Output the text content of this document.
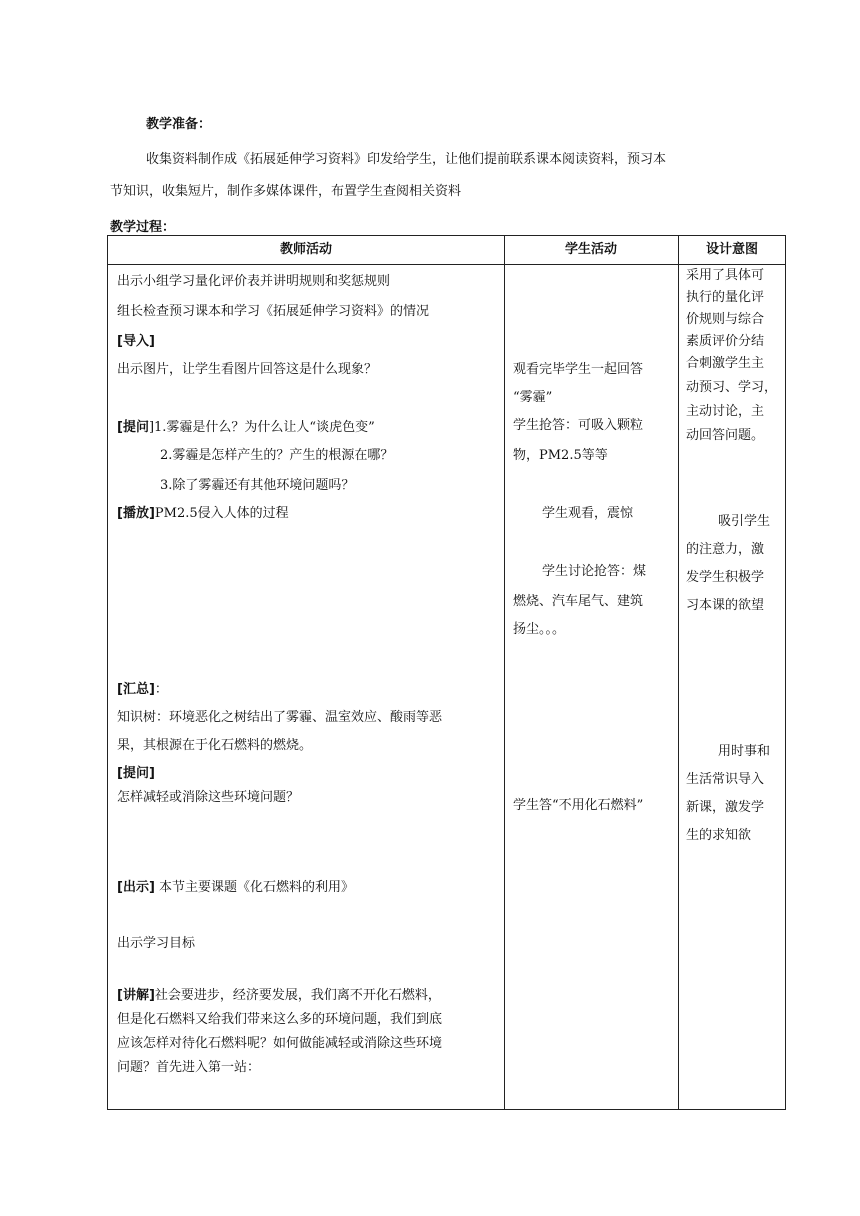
教学准备：
收集资料制作成《拓展延伸学习资料》印发给学生，让他们提前联系课本阅读资料，预习本
节知识，收集短片，制作多媒体课件，布置学生查阅相关资料
教学过程：
教师活动	学生活动	设计意图
出示小组学习量化评价表并讲明规则和奖惩规则
组长检查预习课本和学习《拓展延伸学习资料》的情况
[导入]
出示图片，让学生看图片回答这是什么现象？
[提问]1.雾霾是什么？为什么让人“谈虎色变”
2.雾霾是怎样产生的？产生的根源在哪？
3.除了雾霾还有其他环境问题吗？
[播放]PM2.5侵入人体的过程
[汇总]：
知识树：环境恶化之树结出了雾霾、温室效应、酸雨等恶
果，其根源在于化石燃料的燃烧。
[提问]
怎样减轻或消除这些环境问题？
[出示] 本节主要课题《化石燃料的利用》
出示学习目标
[讲解]社会要进步，经济要发展，我们离不开化石燃料，
但是化石燃料又给我们带来这么多的环境问题，我们到底
应该怎样对待化石燃料呢？如何做能减轻或消除这些环境
问题？首先进入第一站：
观看完毕学生一起回答
“雾霾”
学生抢答：可吸入颗粒
物，PM2.5等等
学生观看，震惊
学生讨论抢答：煤
燃烧、汽车尾气、建筑
扬尘。。。
学生答“不用化石燃料”
采用了具体可
执行的量化评
价规则与综合
素质评价分结
合刺激学生主
动预习、学习，
主动讨论，主
动回答问题。
吸引学生
的注意力，激
发学生积极学
习本课的欲望
用时事和
生活常识导入
新课，激发学
生的求知欲
